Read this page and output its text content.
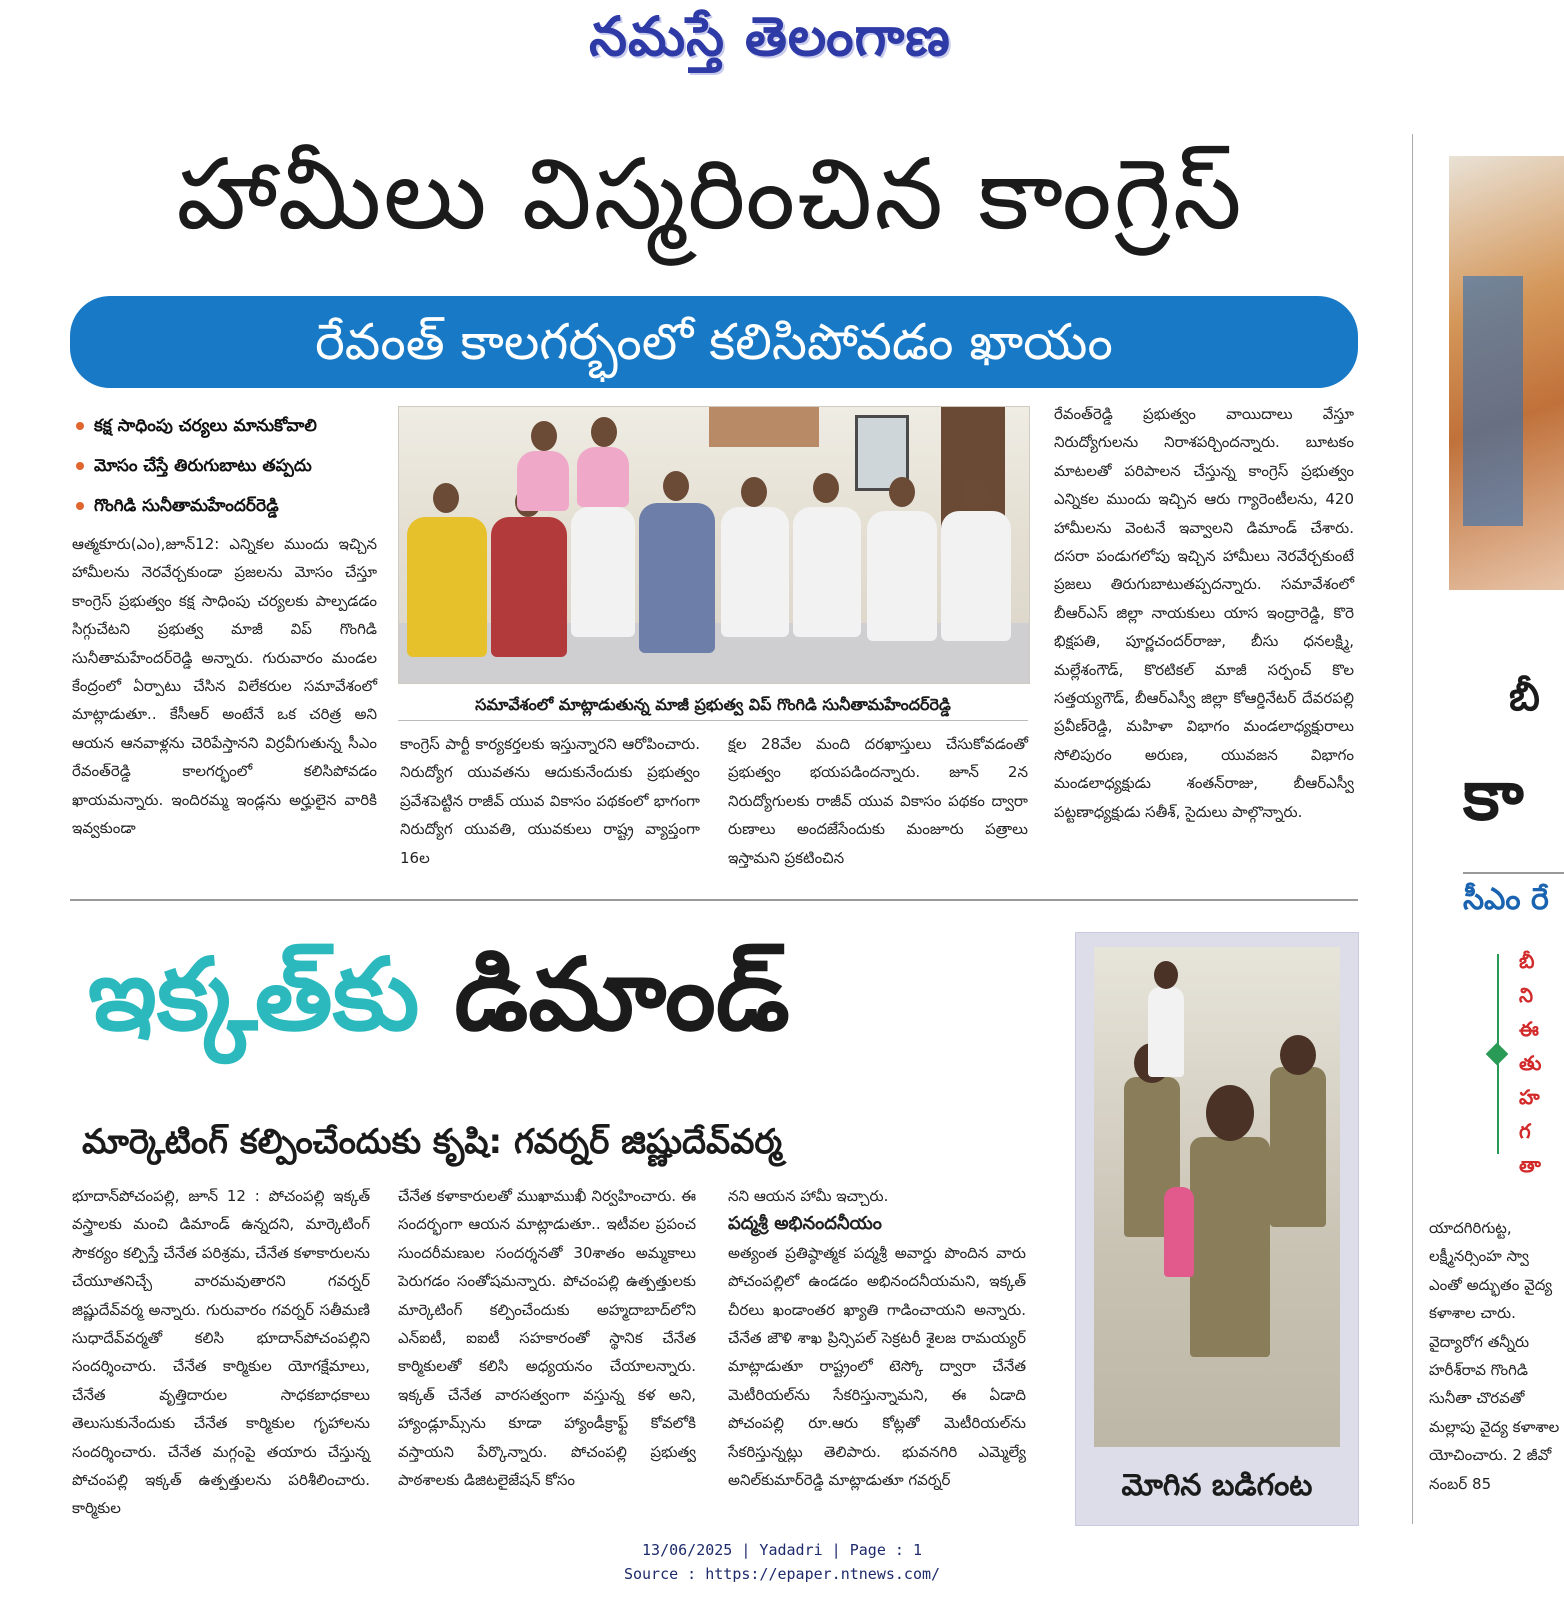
నమస్తే తెలంగాణ
హామీలు విస్మరించిన కాంగ్రెస్
రేవంత్ కాలగర్భంలో కలిసిపోవడం ఖాయం
కక్ష సాధింపు చర్యలు మానుకోవాలి
మోసం చేస్తే తిరుగుబాటు తప్పదు
గొంగిడి సునీతామహేందర్‌రెడ్డి
ఆత్మకూరు(ఎం),జూన్12: ఎన్నికల ముందు ఇచ్చిన హామీలను నెరవేర్చకుండా ప్రజలను మోసం చేస్తూ కాంగ్రెస్ ప్రభుత్వం కక్ష సాధింపు చర్యలకు పాల్పడడం సిగ్గుచేటని ప్రభుత్వ మాజీ విప్ గొంగిడి సునీతామహేందర్‌రెడ్డి అన్నారు. గురువారం మండల కేంద్రంలో ఏర్పాటు చేసిన విలేకరుల సమావేశంలో మాట్లాడుతూ.. కేసీఆర్ అంటేనే ఒక చరిత్ర అని ఆయన ఆనవాళ్లను చెరిపేస్తానని విర్రవీగుతున్న సీఎం రేవంత్‌రెడ్డి కాలగర్భంలో కలిసిపోవడం ఖాయమన్నారు. ఇందిరమ్మ ఇండ్లను అర్హులైన వారికి ఇవ్వకుండా
సమావేశంలో మాట్లాడుతున్న మాజీ ప్రభుత్వ విప్ గొంగిడి సునీతామహేందర్‌రెడ్డి
కాంగ్రెస్ పార్టీ కార్యకర్తలకు ఇస్తున్నారని ఆరోపించారు. నిరుద్యోగ యువతను ఆదుకునేందుకు ప్రభుత్వం ప్రవేశపెట్టిన రాజీవ్ యువ వికాసం పథకంలో భాగంగా నిరుద్యోగ యువతి, యువకులు రాష్ట్ర వ్యాప్తంగా 16ల
క్షల 28వేల మంది దరఖాస్తులు చేసుకోవడంతో ప్రభుత్వం భయపడిందన్నారు. జూన్ 2న నిరుద్యోగులకు రాజీవ్ యువ వికాసం పథకం ద్వారా రుణాలు అందజేసేందుకు మంజూరు పత్రాలు ఇస్తామని ప్రకటించిన
రేవంత్‌రెడ్డి ప్రభుత్వం వాయిదాలు వేస్తూ నిరుద్యోగులను నిరాశపర్చిందన్నారు. బూటకం మాటలతో పరిపాలన చేస్తున్న కాంగ్రెస్ ప్రభుత్వం ఎన్నికల ముందు ఇచ్చిన ఆరు గ్యారెంటీలను, 420 హామీలను వెంటనే ఇవ్వాలని డిమాండ్ చేశారు. దసరా పండుగలోపు ఇచ్చిన హామీలు నెరవేర్చకుంటే ప్రజలు తిరుగుబాటుతప్పదన్నారు. సమావేశంలో బీఆర్‌ఎస్ జిల్లా నాయకులు యాస ఇంద్రారెడ్డి, కొరె భిక్షపతి, పూర్ణచందర్‌రాజు, బీసు ధనలక్ష్మి, మల్లేశంగౌడ్, కొరటికల్ మాజీ సర్పంచ్ కొల సత్తయ్యగౌడ్, బీఆర్‌ఎస్వీ జిల్లా కోఆర్డినేటర్ దేవరపల్లి ప్రవీణ్‌రెడ్డి, మహిళా విభాగం మండలాధ్యక్షురాలు సోలిపురం అరుణ, యువజన విభాగం మండలాధ్యక్షుడు శంతన్‌రాజు, బీఆర్‌ఎస్వీ పట్టణాధ్యక్షుడు సతీశ్, సైదులు పాల్గొన్నారు.
ఇక్కత్‌కు డిమాండ్
మార్కెటింగ్ కల్పించేందుకు కృషి: గవర్నర్ జిష్ణుదేవ్‌వర్మ
భూదాన్‌పోచంపల్లి, జూన్ 12 : పోచంపల్లి ఇక్కత్ వస్త్రాలకు మంచి డిమాండ్ ఉన్నదని, మార్కెటింగ్ సౌకర్యం కల్పిస్తే చేనేత పరిశ్రమ, చేనేత కళాకారులను చేయూతనిచ్చే వారమవుతారని గవర్నర్ జిష్ణుదేవ్‌వర్మ అన్నారు. గురువారం గవర్నర్ సతీమణి సుధాదేవ్‌వర్మతో కలిసి భూదాన్‌పోచంపల్లిని సందర్శించారు. చేనేత కార్మికుల యోగక్షేమాలు, చేనేత వృత్తిదారుల సాధకబాధకాలు తెలుసుకునేందుకు చేనేత కార్మికుల గృహాలను సందర్శించారు. చేనేత మగ్గంపై తయారు చేస్తున్న పోచంపల్లి ఇక్కత్ ఉత్పత్తులను పరిశీలించారు. కార్మికుల
చేనేత కళాకారులతో ముఖాముఖీ నిర్వహించారు. ఈ సందర్భంగా ఆయన మాట్లాడుతూ.. ఇటీవల ప్రపంచ సుందరీమణుల సందర్శనతో 30శాతం అమ్మకాలు పెరుగడం సంతోషమన్నారు. పోచంపల్లి ఉత్పత్తులకు మార్కెటింగ్ కల్పించేందుకు అహ్మదాబాద్‌లోని ఎన్ఐటీ, ఐఐటీ సహకారంతో స్థానిక చేనేత కార్మికులతో కలిసి అధ్యయనం చేయాలన్నారు. ఇక్కత్ చేనేత వారసత్వంగా వస్తున్న కళ అని, హ్యాండ్లూమ్స్‌ను కూడా హ్యాండీక్రాఫ్ట్ కోవలోకి వస్తాయని పేర్కొన్నారు. పోచంపల్లి ప్రభుత్వ పాఠశాలకు డిజిటలైజేషన్ కోసం
నని ఆయన హామీ ఇచ్చారు.
పద్మశ్రీ అభినందనీయం
అత్యంత ప్రతిష్ఠాత్మక పద్మశ్రీ అవార్డు పొందిన వారు పోచంపల్లిలో ఉండడం అభినందనీయమని, ఇక్కత్ చీరలు ఖండాంతర ఖ్యాతి గాడించాయని అన్నారు. చేనేత జౌళి శాఖ ప్రిన్సిపల్ సెక్రటరీ శైలజ రామయ్యర్ మాట్లాడుతూ రాష్ట్రంలో టెస్కో ద్వారా చేనేత మెటీరియల్‌ను సేకరిస్తున్నామని, ఈ ఏడాది పోచంపల్లి రూ.ఆరు కోట్లతో మెటీరియల్‌ను సేకరిస్తున్నట్లు తెలిపారు. భువనగిరి ఎమ్మెల్యే అనిల్‌కుమార్‌రెడ్డి మాట్లాడుతూ గవర్నర్	మోగిన బడిగంట
బీ
కా
సీఎం రే
బీ
ని
ఈ
తు
హ
గ
తా
యాదగిరిగుట్ట, లక్ష్మీనర్సింహ స్వా ఎంతో అద్భుతం వైద్య కళాశాల చారు. వైద్యారోగ తన్నీరు హరీశ్‌రావ గొంగిడి సునీతా చొరవతో మల్లాపు వైద్య కళాశాల యోచించారు. 2 జీవో నంబర్ 85
13/06/2025 | Yadadri | Page : 1
Source : https://epaper.ntnews.com/
